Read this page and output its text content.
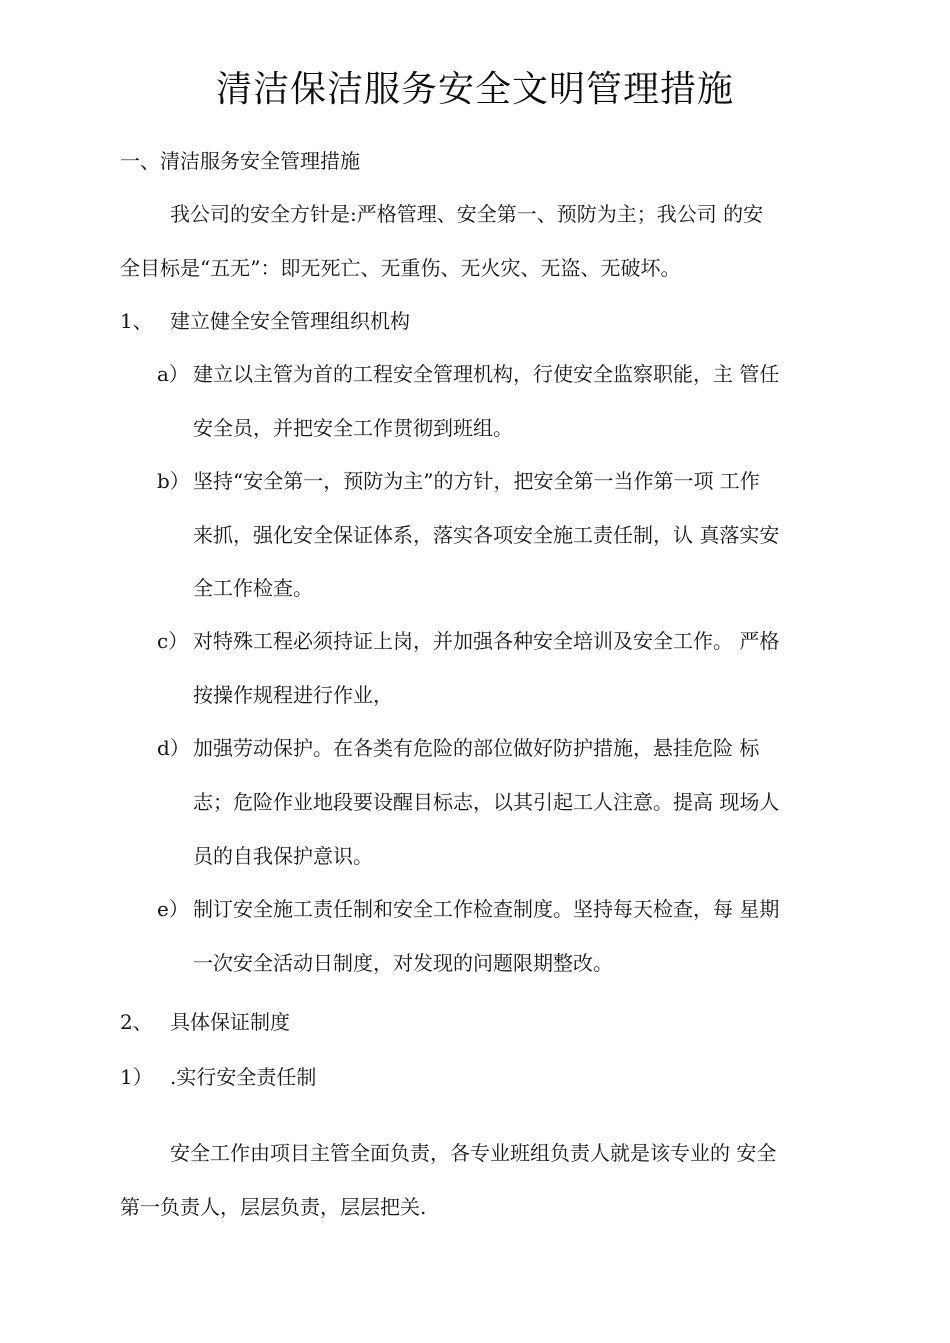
清洁保洁服务安全文明管理措施
一、清洁服务安全管理措施
我公司的安全方针是:严格管理、安全第一、预防为主；我公司 的安
全目标是“五无”：即无死亡、无重伤、无火灾、无盗、无破坏。
1、 建立健全安全管理组织机构
a） 建立以主管为首的工程安全管理机构，行使安全监察职能，主 管任
安全员，并把安全工作贯彻到班组。
b） 坚持“安全第一，预防为主”的方针，把安全第一当作第一项 工作
来抓，强化安全保证体系，落实各项安全施工责任制，认 真落实安
全工作检查。
c） 对特殊工程必须持证上岗，并加强各种安全培训及安全工作。 严格
按操作规程进行作业，
d） 加强劳动保护。在各类有危险的部位做好防护措施，悬挂危险 标
志；危险作业地段要设醒目标志，以其引起工人注意。提高 现场人
员的自我保护意识。
e） 制订安全施工责任制和安全工作检查制度。坚持每天检查，每 星期
一次安全活动日制度，对发现的问题限期整改。
2、 具体保证制度
1） .实行安全责任制
安全工作由项目主管全面负责，各专业班组负责人就是该专业的 安全
第一负责人，层层负责，层层把关.
